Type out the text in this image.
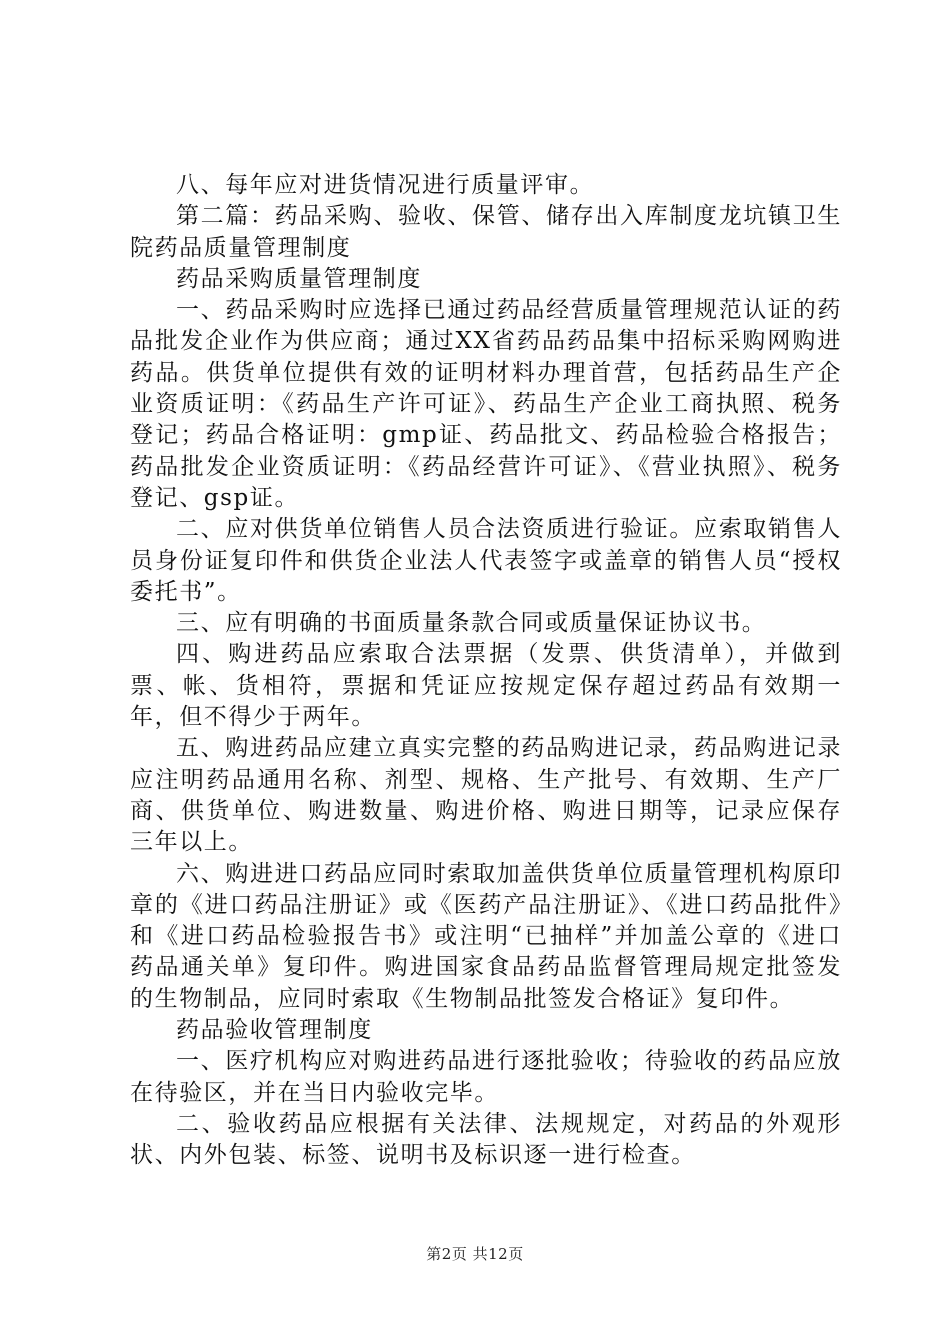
八、每年应对进货情况进行质量评审。

第二篇：药品采购、验收、保管、储存出入库制度龙坑镇卫生院药品质量管理制度

药品采购质量管理制度

一、药品采购时应选择已通过药品经营质量管理规范认证的药品批发企业作为供应商；通过XX省药品药品集中招标采购网购进药品。供货单位提供有效的证明材料办理首营，包括药品生产企业资质证明：《药品生产许可证》、药品生产企业工商执照、税务登记；药品合格证明：gmp证、药品批文、药品检验合格报告；药品批发企业资质证明：《药品经营许可证》、《营业执照》、税务登记、gsp证。

二、应对供货单位销售人员合法资质进行验证。应索取销售人员身份证复印件和供货企业法人代表签字或盖章的销售人员“授权委托书”。

三、应有明确的书面质量条款合同或质量保证协议书。

四、购进药品应索取合法票据（发票、供货清单），并做到票、帐、货相符，票据和凭证应按规定保存超过药品有效期一年，但不得少于两年。

五、购进药品应建立真实完整的药品购进记录，药品购进记录应注明药品通用名称、剂型、规格、生产批号、有效期、生产厂商、供货单位、购进数量、购进价格、购进日期等，记录应保存三年以上。

六、购进进口药品应同时索取加盖供货单位质量管理机构原印章的《进口药品注册证》或《医药产品注册证》、《进口药品批件》和《进口药品检验报告书》或注明“已抽样”并加盖公章的《进口药品通关单》复印件。购进国家食品药品监督管理局规定批签发的生物制品，应同时索取《生物制品批签发合格证》复印件。

药品验收管理制度

一、医疗机构应对购进药品进行逐批验收；待验收的药品应放在待验区，并在当日内验收完毕。

二、验收药品应根据有关法律、法规规定，对药品的外观形状、内外包装、标签、说明书及标识逐一进行检查。

第2页 共12页
